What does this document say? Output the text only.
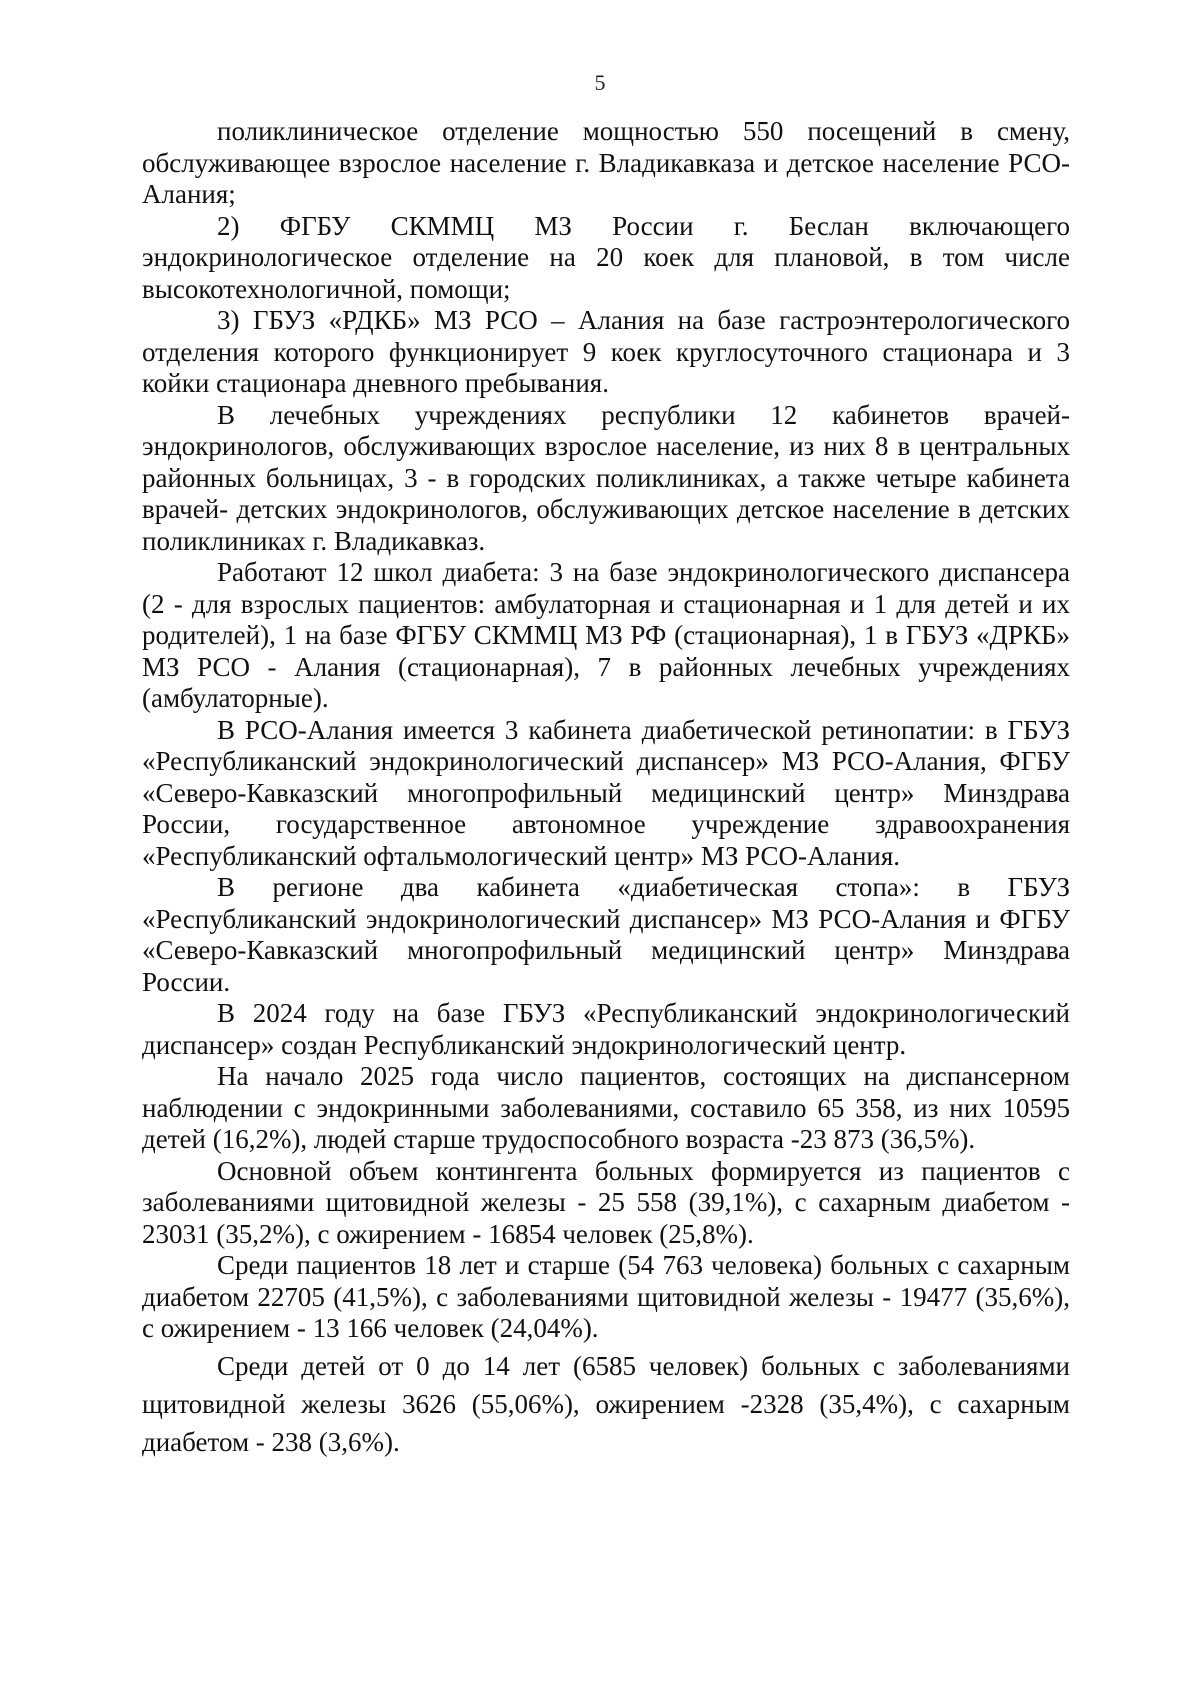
5

поликлиническое отделение мощностью 550 посещений в смену, обслуживающее взрослое население г. Владикавказа и детское население РСО-Алания;

2) ФГБУ СКММЦ МЗ России г. Беслан включающего эндокринологическое отделение на 20 коек для плановой, в том числе высокотехнологичной, помощи;

3) ГБУЗ «РДКБ» МЗ РСО – Алания на базе гастроэнтерологического отделения которого функционирует 9 коек круглосуточного стационара и 3 койки стационара дневного пребывания.

В лечебных учреждениях республики 12 кабинетов врачей-эндокринологов, обслуживающих взрослое население, из них 8 в центральных районных больницах, 3 - в городских поликлиниках, а также четыре кабинета врачей- детских эндокринологов, обслуживающих детское население в детских поликлиниках г. Владикавказ.

Работают 12 школ диабета: 3 на базе эндокринологического диспансера (2 - для взрослых пациентов: амбулаторная и стационарная и 1 для детей и их родителей), 1 на базе ФГБУ СКММЦ МЗ РФ (стационарная), 1 в ГБУЗ «ДРКБ» МЗ РСО - Алания (стационарная), 7 в районных лечебных учреждениях (амбулаторные).

В РСО-Алания имеется 3 кабинета диабетической ретинопатии: в ГБУЗ «Республиканский эндокринологический диспансер» МЗ РСО-Алания, ФГБУ «Северо-Кавказский многопрофильный медицинский центр» Минздрава России, государственное автономное учреждение здравоохранения «Республиканский офтальмологический центр» МЗ РСО-Алания.

В регионе два кабинета «диабетическая стопа»: в ГБУЗ «Республиканский эндокринологический диспансер» МЗ РСО-Алания и ФГБУ «Северо-Кавказский многопрофильный медицинский центр» Минздрава России.

В 2024 году на базе ГБУЗ «Республиканский эндокринологический диспансер» создан Республиканский эндокринологический центр.

На начало 2025 года число пациентов, состоящих на диспансерном наблюдении с эндокринными заболеваниями, составило 65 358, из них 10595 детей (16,2%), людей старше трудоспособного возраста -23 873 (36,5%).

Основной объем контингента больных формируется из пациентов с заболеваниями щитовидной железы - 25 558 (39,1%), с сахарным диабетом - 23031 (35,2%), с ожирением - 16854 человек (25,8%).

Среди пациентов 18 лет и старше (54 763 человека) больных с сахарным диабетом 22705 (41,5%), с заболеваниями щитовидной железы - 19477 (35,6%), с ожирением - 13 166 человек (24,04%).

Среди детей от 0 до 14 лет (6585 человек) больных с заболеваниями щитовидной железы 3626 (55,06%), ожирением -2328 (35,4%), с сахарным диабетом - 238 (3,6%).
